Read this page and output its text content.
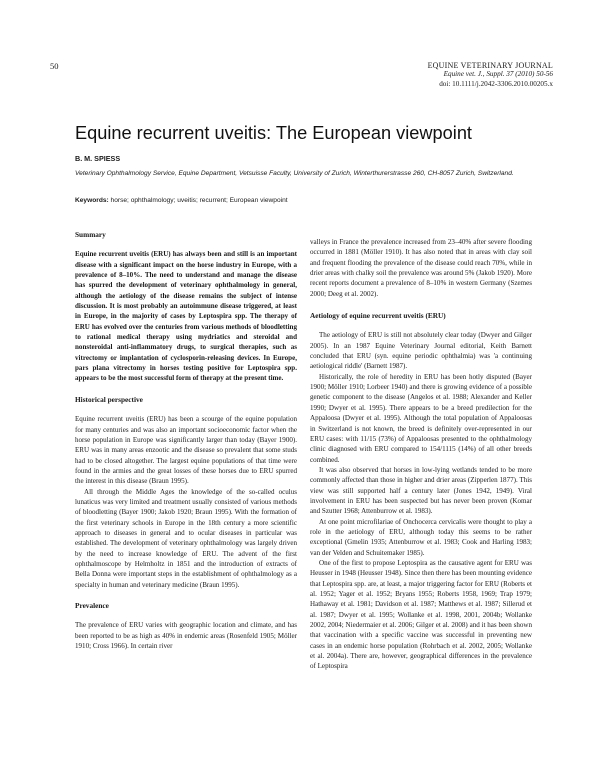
50	EQUINE VETERINARY JOURNAL
Equine vet. J., Suppl. 37 (2010) 50-56
doi: 10.1111/j.2042-3306.2010.00205.x
Equine recurrent uveitis: The European viewpoint
B. M. SPIESS
Veterinary Ophthalmology Service, Equine Department, Vetsuisse Faculty, University of Zurich, Winterthurerstrasse 260, CH-8057 Zurich, Switzerland.
Keywords: horse; ophthalmology; uveitis; recurrent; European viewpoint
Summary

Equine recurrent uveitis (ERU) has always been and still is an important disease with a significant impact on the horse industry in Europe, with a prevalence of 8–10%. The need to understand and manage the disease has spurred the development of veterinary ophthalmology in general, although the aetiology of the disease remains the subject of intense discussion. It is most probably an autoimmune disease triggered, at least in Europe, in the majority of cases by Leptospira spp. The therapy of ERU has evolved over the centuries from various methods of bloodletting to rational medical therapy using mydriatics and steroidal and nonsteroidal anti-inflammatory drugs, to surgical therapies, such as vitrectomy or implantation of cyclosporin-releasing devices. In Europe, pars plana vitrectomy in horses testing positive for Leptospira spp. appears to be the most successful form of therapy at the present time.

Historical perspective

Equine recurrent uveitis (ERU) has been a scourge of the equine population for many centuries and was also an important socioeconomic factor when the horse population in Europe was significantly larger than today (Bayer 1900). ERU was in many areas enzootic and the disease so prevalent that some studs had to be closed altogether. The largest equine populations of that time were found in the armies and the great losses of these horses due to ERU spurred the interest in this disease (Braun 1995).

All through the Middle Ages the knowledge of the so-called oculus lunaticus was very limited and treatment usually consisted of various methods of bloodletting (Bayer 1900; Jakob 1920; Braun 1995). With the formation of the first veterinary schools in Europe in the 18th century a more scientific approach to diseases in general and to ocular diseases in particular was established. The development of veterinary ophthalmology was largely driven by the need to increase knowledge of ERU. The advent of the first ophthalmoscope by Helmholtz in 1851 and the introduction of extracts of Bella Donna were important steps in the establishment of ophthalmology as a specialty in human and veterinary medicine (Braun 1995).

Prevalence

The prevalence of ERU varies with geographic location and climate, and has been reported to be as high as 40% in endemic areas (Rosenfeld 1905; Möller 1910; Cross 1966). In certain river

valleys in France the prevalence increased from 23–40% after severe flooding occurred in 1881 (Möller 1910). It has also noted that in areas with clay soil and frequent flooding the prevalence of the disease could reach 70%, while in drier areas with chalky soil the prevalence was around 5% (Jakob 1920). More recent reports document a prevalence of 8–10% in western Germany (Szemes 2000; Deeg et al. 2002).

Aetiology of equine recurrent uveitis (ERU)

The aetiology of ERU is still not absolutely clear today (Dwyer and Gilger 2005). In an 1987 Equine Veterinary Journal editorial, Keith Barnett concluded that ERU (syn. equine periodic ophthalmia) was 'a continuing aetiological riddle' (Barnett 1987).

Historically, the role of heredity in ERU has been hotly disputed (Bayer 1900; Möller 1910; Lorbeer 1940) and there is growing evidence of a possible genetic component to the disease (Angelos et al. 1988; Alexander and Keller 1990; Dwyer et al. 1995). There appears to be a breed predilection for the Appaloosa (Dwyer et al. 1995). Although the total population of Appaloosas in Switzerland is not known, the breed is definitely over-represented in our ERU cases: with 11/15 (73%) of Appaloosas presented to the ophthalmology clinic diagnosed with ERU compared to 154/1115 (14%) of all other breeds combined.

It was also observed that horses in low-lying wetlands tended to be more commonly affected than those in higher and drier areas (Zipperlen 1877). This view was still supported half a century later (Jones 1942, 1949). Viral involvement in ERU has been suspected but has never been proven (Komar and Szutter 1968; Attenburrow et al. 1983).

At one point microfilariae of Onchocerca cervicalis were thought to play a role in the aetiology of ERU, although today this seems to be rather exceptional (Gmelin 1935; Attenburrow et al. 1983; Cook and Harling 1983; van der Velden and Schuitemaker 1985).

One of the first to propose Leptospira as the causative agent for ERU was Heusser in 1948 (Heusser 1948). Since then there has been mounting evidence that Leptospira spp. are, at least, a major triggering factor for ERU (Roberts et al. 1952; Yager et al. 1952; Bryans 1955; Roberts 1958, 1969; Trap 1979; Hathaway et al. 1981; Davidson et al. 1987; Matthews et al. 1987; Sillerud et al. 1987; Dwyer et al. 1995; Wollanke et al. 1998, 2001, 2004b; Wollanke 2002, 2004; Niedermaier et al. 2006; Gilger et al. 2008) and it has been shown that vaccination with a specific vaccine was successful in preventing new cases in an endemic horse population (Rohrbach et al. 2002, 2005; Wollanke et al. 2004a). There are, however, geographical differences in the prevalence of Leptospira
